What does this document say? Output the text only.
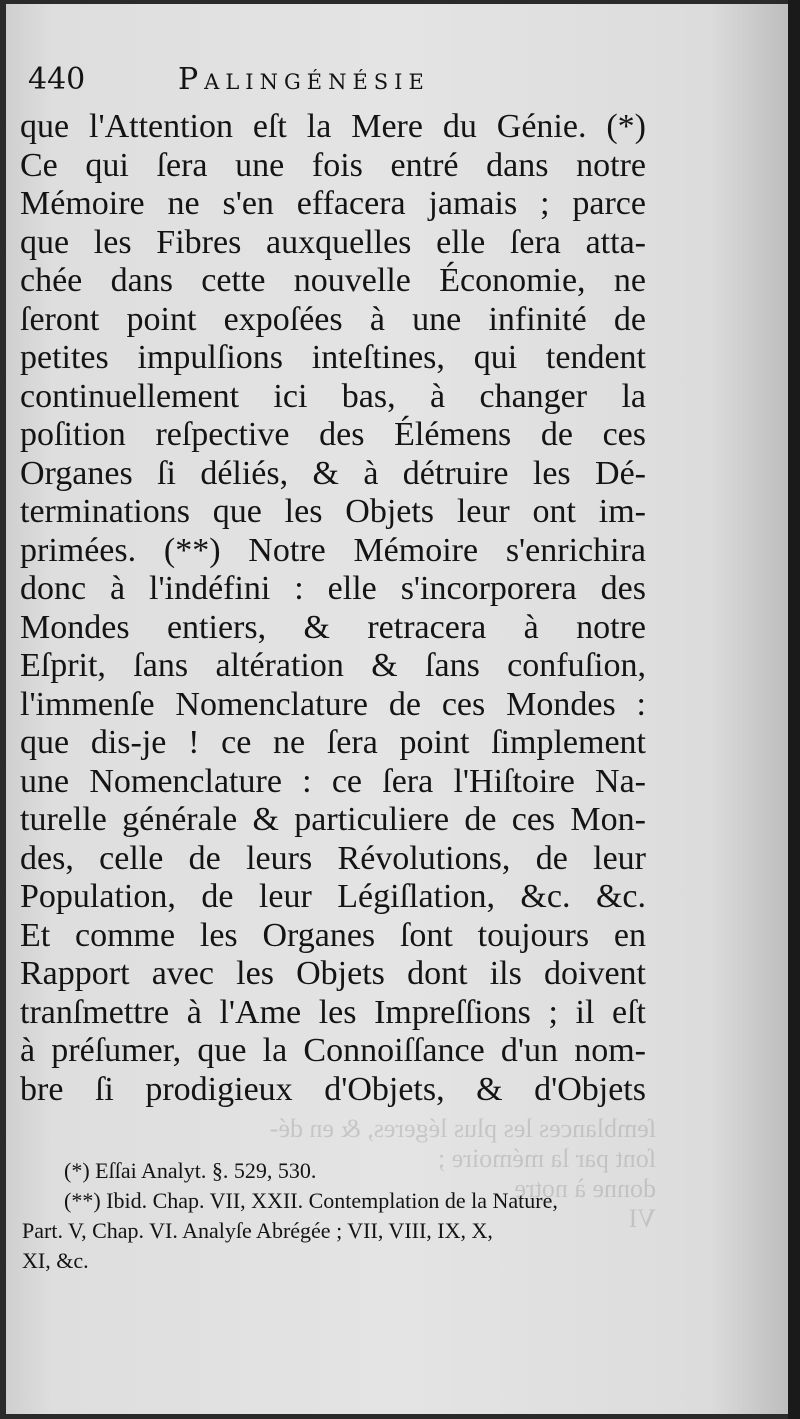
440	Palingénésie
que l'Attention eſt la Mere du Génie. (*)
Ce qui ſera une fois entré dans notre
Mémoire ne s'en effacera jamais ; parce
que les Fibres auxquelles elle ſera atta-
chée dans cette nouvelle Économie, ne
ſeront point expoſées à une infinité de
petites impulſions inteſtines, qui tendent
continuellement ici bas, à changer la
poſition reſpective des Élémens de ces
Organes ſi déliés, & à détruire les Dé-
terminations que les Objets leur ont im-
primées. (**) Notre Mémoire s'enrichira
donc à l'indéfini : elle s'incorporera des
Mondes entiers, & retracera à notre
Eſprit, ſans altération & ſans confuſion,
l'immenſe Nomenclature de ces Mondes :
que dis-je ! ce ne ſera point ſimplement
une Nomenclature : ce ſera l'Hiſtoire Na-
turelle générale & particuliere de ces Mon-
des, celle de leurs Révolutions, de leur
Population, de leur Légiſlation, &c. &c.
Et comme les Organes ſont toujours en
Rapport avec les Objets dont ils doivent
tranſmettre à l'Ame les Impreſſions ; il eſt
à préſumer, que la Connoiſſance d'un nom-
bre ſi prodigieux d'Objets, & d'Objets
(*) Eſſai Analyt. §. 529, 530.
(**) Ibid. Chap. VII, XXII. Contemplation de la Nature,
Part. V, Chap. VI. Analyſe Abrégée ; VII, VIII, IX, X,
XI, &c.
ſemblances les plus légeres, & en dé-
ſont par la mémoire ;
donne à notre
VI
